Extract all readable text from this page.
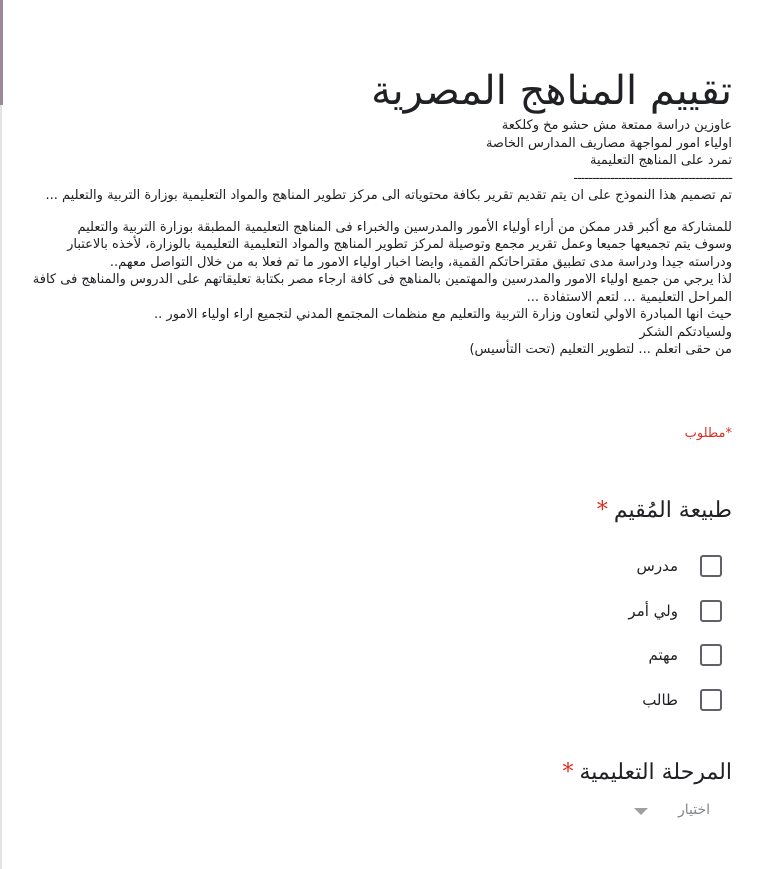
تقييم المناهج المصرية

عاوزين دراسة ممتعة مش حشو مخ وكلكعة

اولياء امور لمواجهة مصاريف المدارس الخاصة

تمرد على المناهج التعليمية

-------------------------------------------

تم تصميم هذا النموذج على ان يتم تقديم تقرير بكافة محتوياته الى مركز تطوير المناهج والمواد التعليمية بوزارة التربية والتعليم ...

للمشاركة مع أكبر قدر ممكن من أراء أولياء الأمور والمدرسين والخبراء فى المناهج التعليمية المطبقة بوزارة التربية والتعليم

وسوف يتم تجميعها جميعا وعمل تقرير مجمع وتوصيلة لمركز تطوير المناهج والمواد التعليمية التعليمية بالوزارة، لأخذه بالاعتبار

ودراسته جيدا ودراسة مدى تطبيق مقتراحاتكم القمية، وايضا اخبار اولياء الامور ما تم فعلا به من خلال التواصل معهم..

لذا يرجي من جميع اولياء الامور والمدرسين والمهتمين بالمناهج فى كافة ارجاء مصر بكتابة تعليقاتهم على الدروس والمناهج فى كافة

المراحل التعليمية ... لتعم الاستفادة ...

حيث انها المبادرة الاولي لتعاون وزارة التربية والتعليم مع منظمات المجتمع المدني لتجميع اراء اولياء الامور ..

ولسيادتكم الشكر

من حقى اتعلم ... لتطوير التعليم (تحت التأسيس)

*مطلوب
طبيعة المُقيم*
مدرس
ولي أمر
مهتم
طالب
المرحلة التعليمية*
اختيار
